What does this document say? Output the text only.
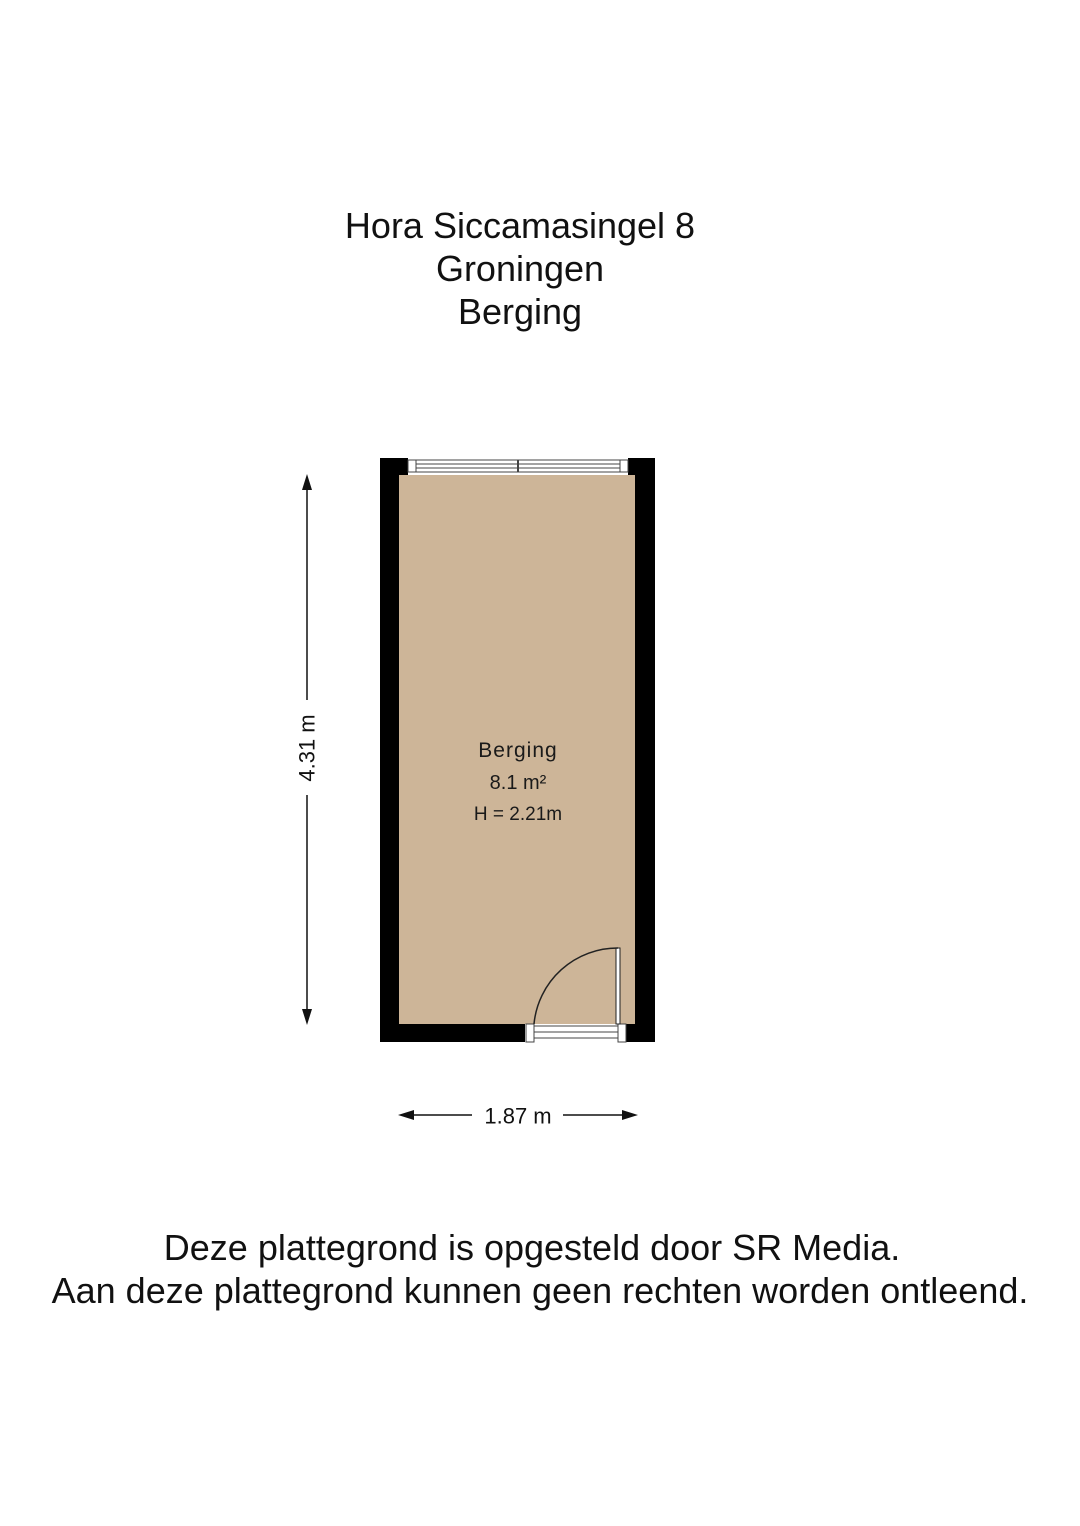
Hora Siccamasingel 8
Groningen
Berging
4.31 m
1.87 m
Berging
8.1 m²
H = 2.21m
Deze plattegrond is opgesteld door SR Media.
Aan deze plattegrond kunnen geen rechten worden ontleend.
